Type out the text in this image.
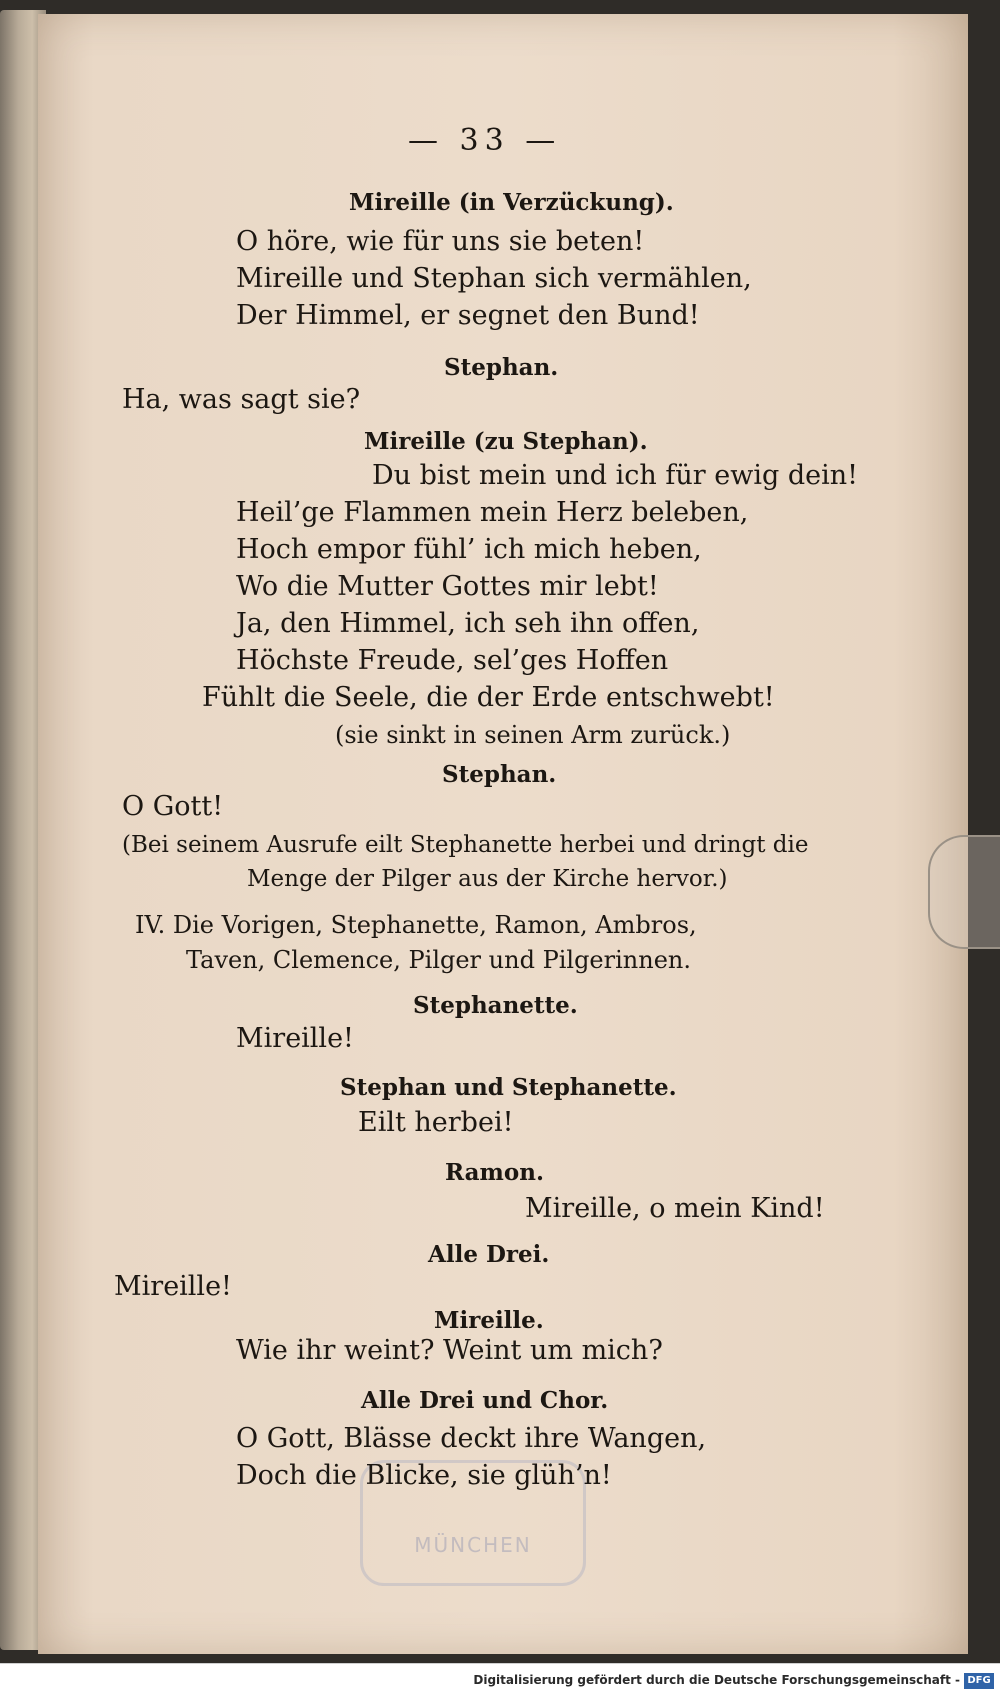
MÜNCHEN
— 33 —
Mireille (in Verzückung).
O höre, wie für uns sie beten!
Mireille und Stephan sich vermählen,
Der Himmel, er segnet den Bund!
Stephan.
Ha, was sagt sie?
Mireille (zu Stephan).
Du bist mein und ich für ewig dein!
Heil’ge Flammen mein Herz beleben,
Hoch empor fühl’ ich mich heben,
Wo die Mutter Gottes mir lebt!
Ja, den Himmel, ich seh ihn offen,
Höchste Freude, sel’ges Hoffen
Fühlt die Seele, die der Erde entschwebt!
(sie sinkt in seinen Arm zurück.)
Stephan.
O Gott!
(Bei seinem Ausrufe eilt Stephanette herbei und dringt die
Menge der Pilger aus der Kirche hervor.)
IV. Die Vorigen, Stephanette, Ramon, Ambros,
Taven, Clemence, Pilger und Pilgerinnen.
Stephanette.
Mireille!
Stephan und Stephanette.
Eilt herbei!
Ramon.
Mireille, o mein Kind!
Alle Drei.
Mireille!
Mireille.
Wie ihr weint? Weint um mich?
Alle Drei und Chor.
O Gott, Blässe deckt ihre Wangen,
Doch die Blicke, sie glüh’n!
Digitalisierung gefördert durch die Deutsche Forschungsgemeinschaft - DFG
